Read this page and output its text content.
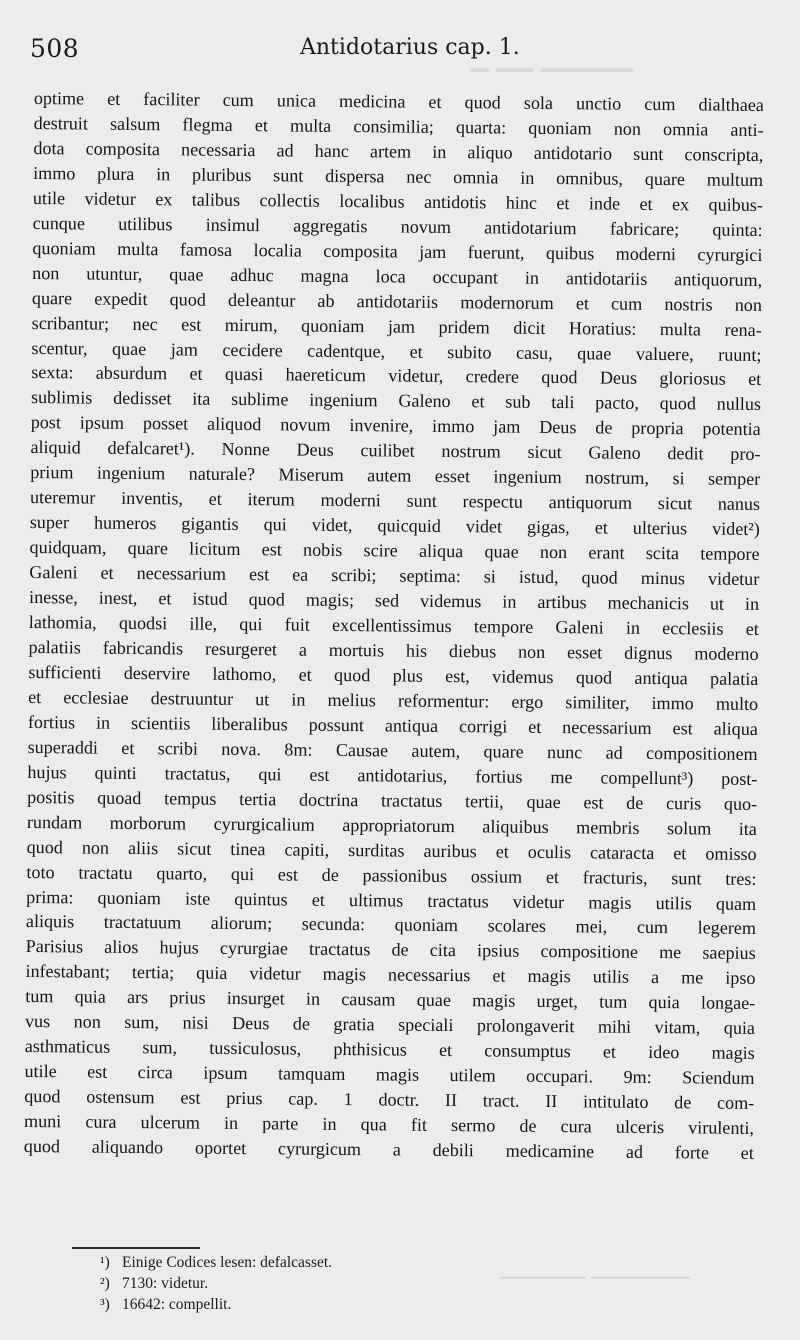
▁▁▁▁▁ ▁▁ ▁
508	Antidotarius cap. 1.
optime et faciliter cum unica medicina et quod sola unctio cum dialthaea
destruit salsum flegma et multa consimilia; quarta: quoniam non omnia anti-
dota composita necessaria ad hanc artem in aliquo antidotario sunt conscripta,
immo plura in pluribus sunt dispersa nec omnia in omnibus, quare multum
utile videtur ex talibus collectis localibus antidotis hinc et inde et ex quibus-
cunque utilibus insimul aggregatis novum antidotarium fabricare; quinta:
quoniam multa famosa localia composita jam fuerunt, quibus moderni cyrurgici
non utuntur, quae adhuc magna loca occupant in antidotariis antiquorum,
quare expedit quod deleantur ab antidotariis modernorum et cum nostris non
scribantur; nec est mirum, quoniam jam pridem dicit Horatius: multa rena-
scentur, quae jam cecidere cadentque, et subito casu, quae valuere, ruunt;
sexta: absurdum et quasi haereticum videtur, credere quod Deus gloriosus et
sublimis dedisset ita sublime ingenium Galeno et sub tali pacto, quod nullus
post ipsum posset aliquod novum invenire, immo jam Deus de propria potentia
aliquid defalcaret¹). Nonne Deus cuilibet nostrum sicut Galeno dedit pro-
prium ingenium naturale? Miserum autem esset ingenium nostrum, si semper
uteremur inventis, et iterum moderni sunt respectu antiquorum sicut nanus
super humeros gigantis qui videt, quicquid videt gigas, et ulterius videt²)
quidquam, quare licitum est nobis scire aliqua quae non erant scita tempore
Galeni et necessarium est ea scribi; septima: si istud, quod minus videtur
inesse, inest, et istud quod magis; sed videmus in artibus mechanicis ut in
lathomia, quodsi ille, qui fuit excellentissimus tempore Galeni in ecclesiis et
palatiis fabricandis resurgeret a mortuis his diebus non esset dignus moderno
sufficienti deservire lathomo, et quod plus est, videmus quod antiqua palatia
et ecclesiae destruuntur ut in melius reformentur: ergo similiter, immo multo
fortius in scientiis liberalibus possunt antiqua corrigi et necessarium est aliqua
superaddi et scribi nova. 8m: Causae autem, quare nunc ad compositionem
hujus quinti tractatus, qui est antidotarius, fortius me compellunt³) post-
positis quoad tempus tertia doctrina tractatus tertii, quae est de curis quo-
rundam morborum cyrurgicalium appropriatorum aliquibus membris solum ita
quod non aliis sicut tinea capiti, surditas auribus et oculis cataracta et omisso
toto tractatu quarto, qui est de passionibus ossium et fracturis, sunt tres:
prima: quoniam iste quintus et ultimus tractatus videtur magis utilis quam
aliquis tractatuum aliorum; secunda: quoniam scolares mei, cum legerem
Parisius alios hujus cyrurgiae tractatus de cita ipsius compositione me saepius
infestabant; tertia; quia videtur magis necessarius et magis utilis a me ipso
tum quia ars prius insurget in causam quae magis urget, tum quia longae-
vus non sum, nisi Deus de gratia speciali prolongaverit mihi vitam, quia
asthmaticus sum, tussiculosus, phthisicus et consumptus et ideo magis
utile est circa ipsum tamquam magis utilem occupari. 9m: Sciendum
quod ostensum est prius cap. 1 doctr. II tract. II intitulato de com-
muni cura ulcerum in parte in qua fit sermo de cura ulceris virulenti,
quod aliquando oportet cyrurgicum a debili medicamine ad forte et
¹) Einige Codices lesen: defalcasset.
²) 7130: videtur.
³) 16642: compellit.
▁▁▁▁▁▁▁▁ ▁▁▁▁▁▁▁
